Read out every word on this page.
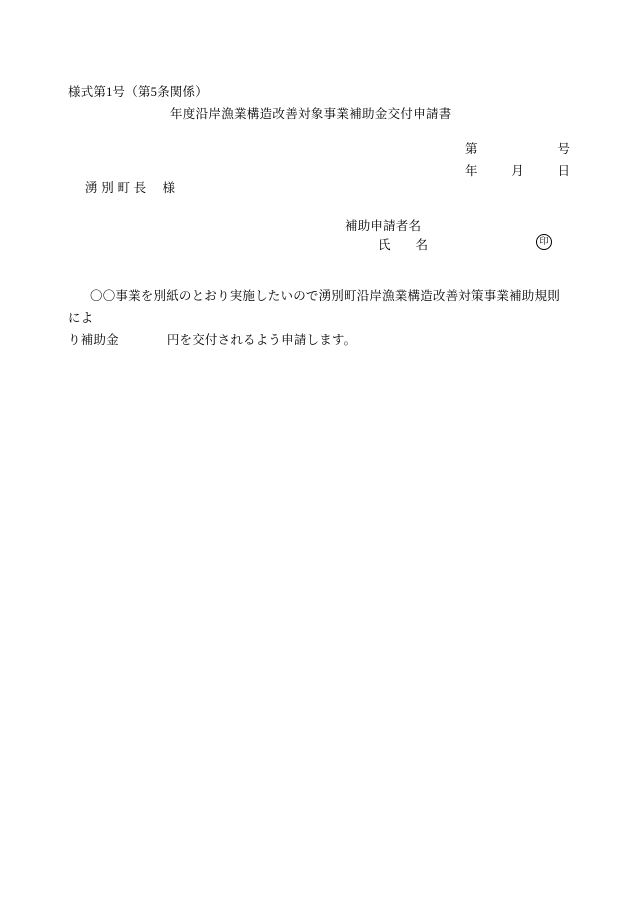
様式第1号（第5条関係）
年度沿岸漁業構造改善対象事業補助金交付申請書
第	号
年	月	日
湧 別 町 長 様
補助申請者名
氏　　名	印
〇〇事業を別紙のとおり実施したいので湧別町沿岸漁業構造改善対策事業補助規則によ
り補助金	円を交付されるよう申請します。
